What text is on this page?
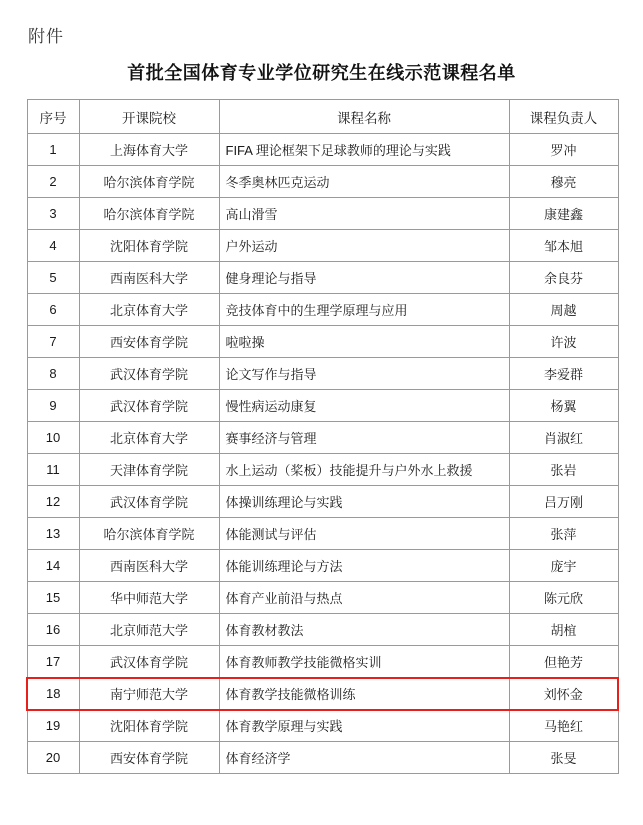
附件
首批全国体育专业学位研究生在线示范课程名单
序号	开课院校	课程名称	课程负责人
1	上海体育大学	FIFA 理论框架下足球教师的理论与实践	罗冲
2	哈尔滨体育学院	冬季奥林匹克运动	穆亮
3	哈尔滨体育学院	高山滑雪	康建鑫
4	沈阳体育学院	户外运动	邹本旭
5	西南医科大学	健身理论与指导	余良芬
6	北京体育大学	竞技体育中的生理学原理与应用	周越
7	西安体育学院	啦啦操	许波
8	武汉体育学院	论文写作与指导	李爱群
9	武汉体育学院	慢性病运动康复	杨翼
10	北京体育大学	赛事经济与管理	肖淑红
11	天津体育学院	水上运动（桨板）技能提升与户外水上救援	张岩
12	武汉体育学院	体操训练理论与实践	吕万刚
13	哈尔滨体育学院	体能测试与评估	张萍
14	西南医科大学	体能训练理论与方法	庞宇
15	华中师范大学	体育产业前沿与热点	陈元欣
16	北京师范大学	体育教材教法	胡椬
17	武汉体育学院	体育教师教学技能微格实训	但艳芳
18	南宁师范大学	体育教学技能微格训练	刘怀金
19	沈阳体育学院	体育教学原理与实践	马艳红
20	西安体育学院	体育经济学	张旻
